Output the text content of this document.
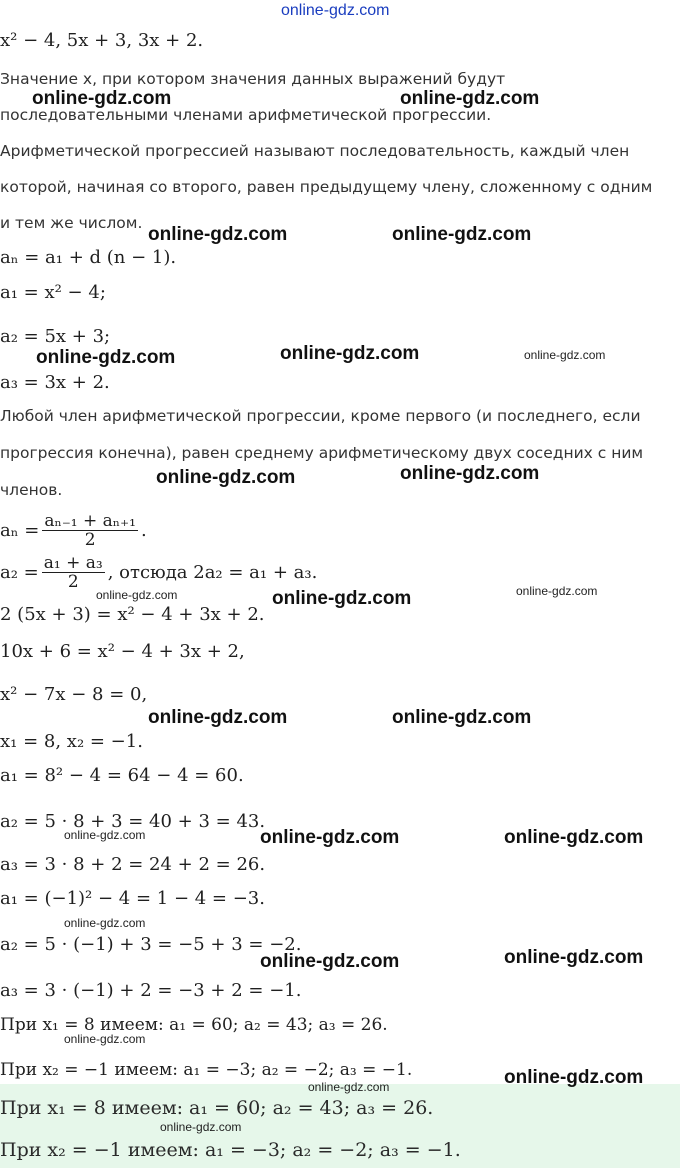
online-gdz.com
x² − 4, 5x + 3, 3x + 2.
Значение x, при котором значения данных выражений будут
последовательными членами арифметической прогрессии.
Арифметической прогрессией называют последовательность, каждый член
которой, начиная со второго, равен предыдущему члену, сложенному с одним
и тем же числом.
aₙ = a₁ + d (n − 1).
a₁ = x² − 4;
a₂ = 5x + 3;
a₃ = 3x + 2.
Любой член арифметической прогрессии, кроме первого (и последнего, если
прогрессия конечна), равен среднему арифметическому двух соседних с ним
членов.
$a_n = \frac{\text{aₙ₋₁ + aₙ₊₁}}{2}$ .
$a_2 = \frac{\text{a₁ + a₃}}{2}$ , отсюда 2a₂ = a₁ + a₃.
2 (5x + 3) = x² − 4 + 3x + 2.
10x + 6 = x² − 4 + 3x + 2,
x² − 7x − 8 = 0,
x₁ = 8, x₂ = −1.
a₁ = 8² − 4 = 64 − 4 = 60.
a₂ = 5 · 8 + 3 = 40 + 3 = 43.
a₃ = 3 · 8 + 2 = 24 + 2 = 26.
a₁ = (−1)² − 4 = 1 − 4 = −3.
a₂ = 5 · (−1) + 3 = −5 + 3 = −2.
a₃ = 3 · (−1) + 2 = −3 + 2 = −1.
При x₁ = 8 имеем: a₁ = 60; a₂ = 43; a₃ = 26.
При x₂ = −1 имеем: a₁ = −3; a₂ = −2; a₃ = −1.
При x₁ = 8 имеем: a₁ = 60; a₂ = 43; a₃ = 26.
При x₂ = −1 имеем: a₁ = −3; a₂ = −2; a₃ = −1.
online-gdz.com	online-gdz.com
online-gdz.com	online-gdz.com
online-gdz.com	online-gdz.com	online-gdz.com
online-gdz.com	online-gdz.com
online-gdz.com	online-gdz.com	online-gdz.com
online-gdz.com	online-gdz.com
online-gdz.com	online-gdz.com	online-gdz.com
online-gdz.com
online-gdz.com	online-gdz.com
online-gdz.com
online-gdz.com	online-gdz.com
online-gdz.com
